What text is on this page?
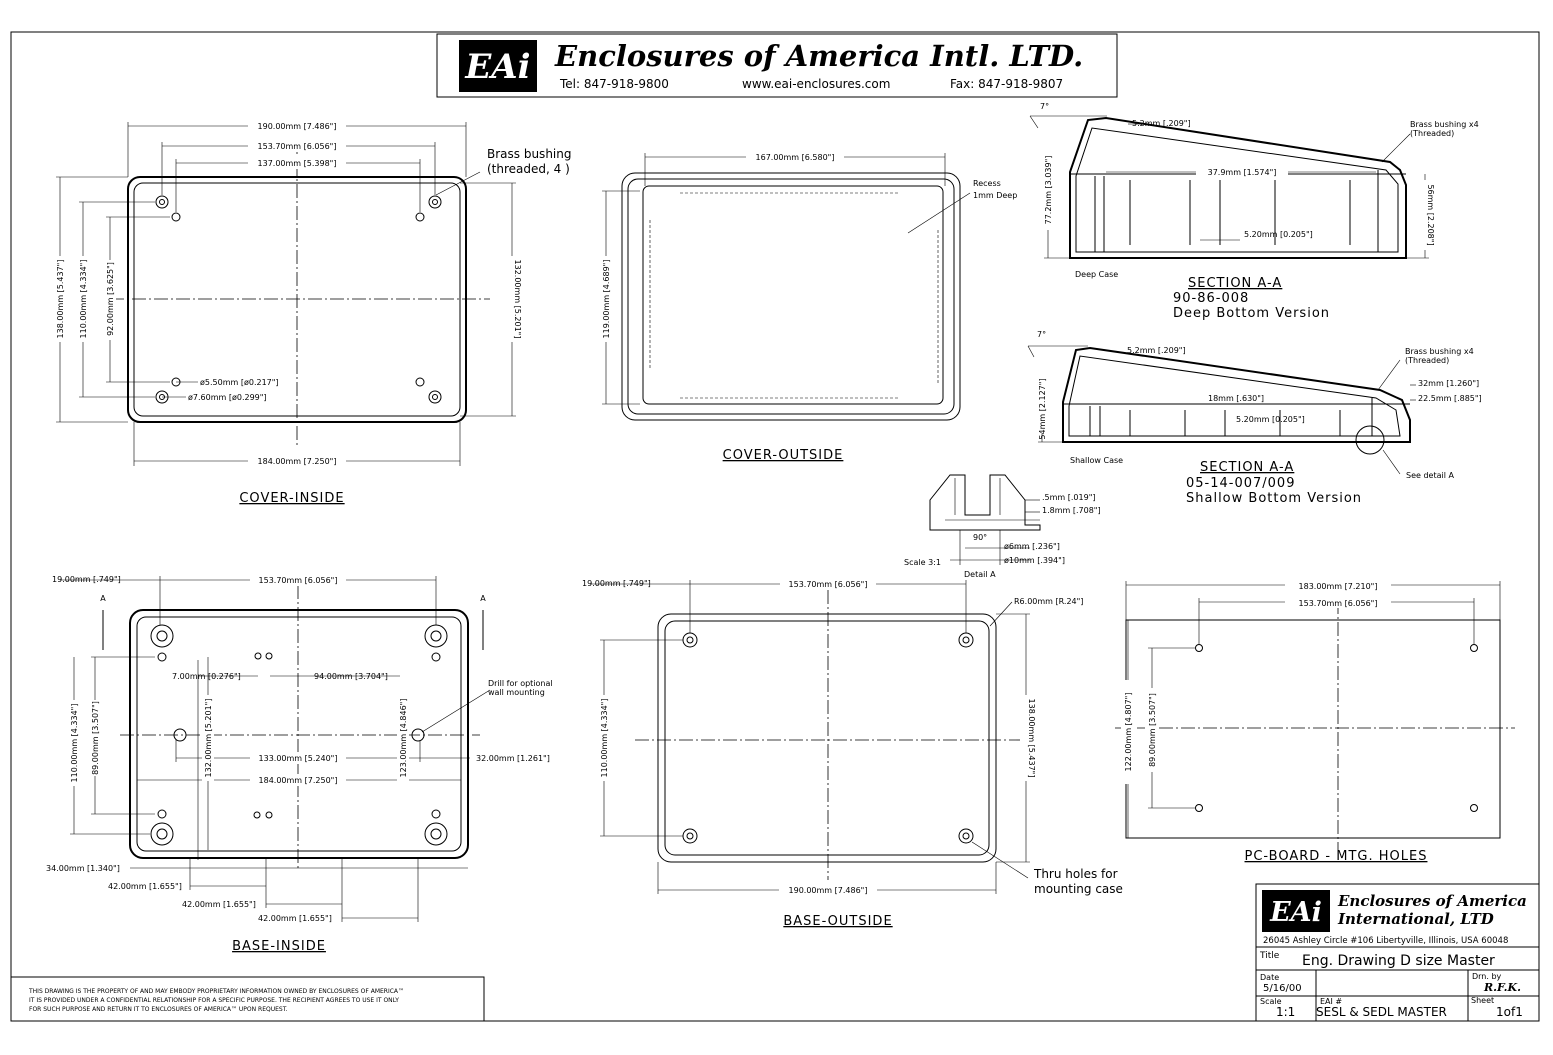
EAi Enclosures of America Intl. LTD.
Tel: 847-918-9800	www.eai-enclosures.com	Fax: 847-918-9807
190.00mm [7.486"]
153.70mm [6.056"]
137.00mm [5.398"]
184.00mm [7.250"]
138.00mm [5.437"] 110.00mm [4.334"] 92.00mm [3.625"]	132.00mm [5.201"]
ø5.50mm [ø0.217"]
ø7.60mm [ø0.299"]
Brass bushing
(threaded, 4 )
COVER-INSIDE
167.00mm [6.580"]
119.00mm [4.689"]
Recess
1mm Deep
COVER-OUTSIDE
7°
5.2mm [.209"]
37.9mm [1.574"]
5.20mm [0.205"]
77.2mm [3.039"]	56mm [2.208"]
Brass bushing x4
(Threaded)
Deep Case
SECTION A-A
90-86-008
Deep Bottom Version
7°
5.2mm [.209"]
18mm [.630"]
5.20mm [0.205"]
54mm [2.127"]	32mm [1.260"]
22.5mm [.885"]
Brass bushing x4
(Threaded)
See detail A
Shallow Case	SECTION A-A
05-14-007/009
Shallow Bottom Version
.5mm [.019"]
1.8mm [.708"]
90°
ø6mm [.236"]
ø10mm [.394"]
Scale 3:1
Detail A
A	A
19.00mm [.749"]	153.70mm [6.056"]
7.00mm [0.276"]	94.00mm [3.704"]
133.00mm [5.240"]	32.00mm [1.261"]
184.00mm [7.250"]
34.00mm [1.340"]
42.00mm [1.655"]
42.00mm [1.655"]
42.00mm [1.655"]
110.00mm [4.334"] 89.00mm [3.507"]	132.00mm [5.201"]	123.00mm [4.846"]
Drill for optional
wall mounting
BASE-INSIDE
19.00mm [.749"]	153.70mm [6.056"]
R6.00mm [R.24"]
110.00mm [4.334"]	138.00mm [5.437"]
190.00mm [7.486"]
Thru holes for
mounting case
BASE-OUTSIDE
183.00mm [7.210"]
153.70mm [6.056"]
122.00mm [4.807"] 89.00mm [3.507"]
PC-BOARD - MTG. HOLES
THIS DRAWING IS THE PROPERTY OF AND MAY EMBODY PROPRIETARY INFORMATION OWNED BY ENCLOSURES OF AMERICA™
IT IS PROVIDED UNDER A CONFIDENTIAL RELATIONSHIP FOR A SPECIFIC PURPOSE. THE RECIPIENT AGREES TO USE IT ONLY
FOR SUCH PURPOSE AND RETURN IT TO ENCLOSURES OF AMERICA™ UPON REQUEST.
EAi Enclosures of America
International, LTD
26045 Ashley Circle #106 Libertyville, Illinois, USA 60048
Title Eng. Drawing D size Master
Date
5/16/00
Drn. by
R.F.K.
Scale
1:1
EAI #
SESL & SEDL MASTER
Sheet
1of1
